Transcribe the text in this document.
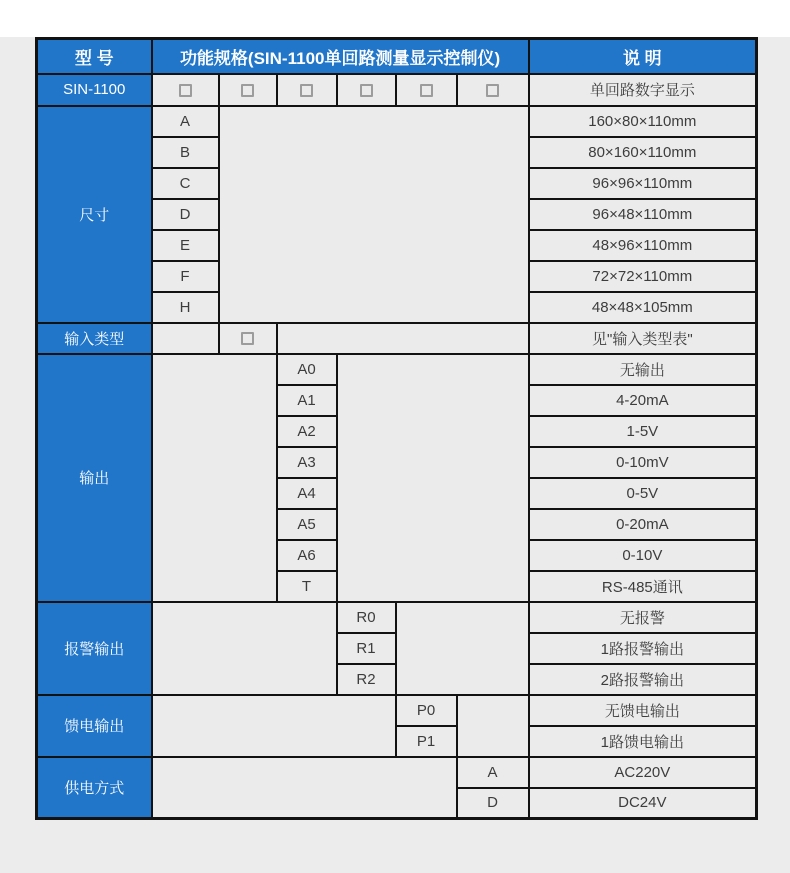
型 号	功能规格(SIN-1100单回路测量显示控制仪)						说 明
SIN-1100							单回路数字显示
尺寸	A						160×80×110mm
	B						80×160×110mm
	C						96×96×110mm
	D						96×48×110mm
	E						48×96×110mm
	F						72×72×110mm
	H						48×48×105mm
输入类型							见"输入类型表"
输出			A0				无输出
			A1				4-20mA
			A2				1-5V
			A3				0-10mV
			A4				0-5V
			A5				0-20mA
			A6				0-10V
			T				RS-485通讯
报警输出				R0			无报警
				R1			1路报警输出
				R2			2路报警输出
馈电输出					P0		无馈电输出
					P1		1路馈电输出
供电方式						A	AC220V
						D	DC24V
